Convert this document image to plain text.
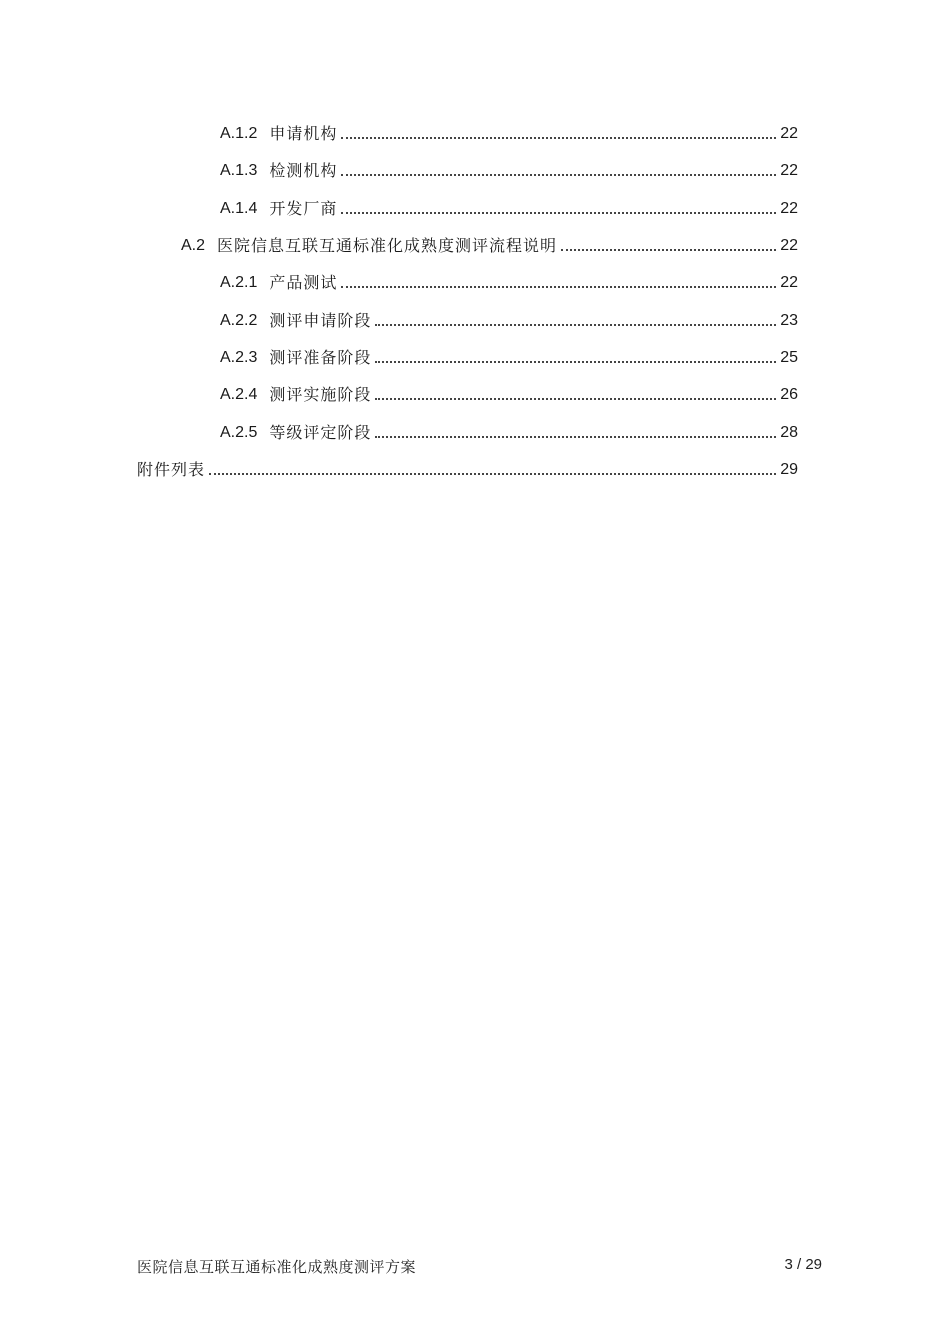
A.1.2 申请机构	22
A.1.3 检测机构	22
A.1.4 开发厂商	22
A.2 医院信息互联互通标准化成熟度测评流程说明	22
A.2.1 产品测试	22
A.2.2 测评申请阶段	23
A.2.3 测评准备阶段	25
A.2.4 测评实施阶段	26
A.2.5 等级评定阶段	28
附件列表	29
医院信息互联互通标准化成熟度测评方案	3 / 29
